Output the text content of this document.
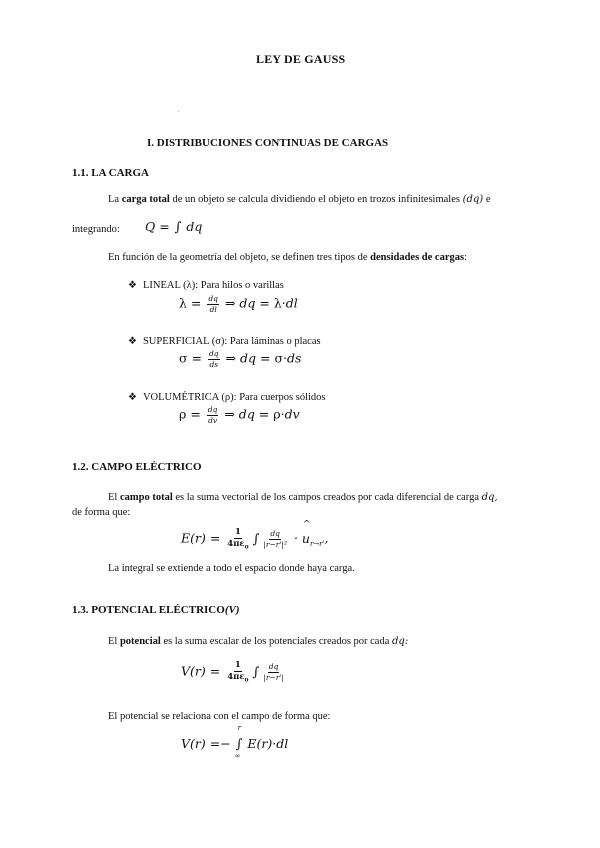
LEY DE GAUSS
I. DISTRIBUCIONES CONTINUAS DE CARGAS
1.1. LA CARGA
La carga total de un objeto se calcula dividiendo el objeto en trozos infinitesimales (dq) e
integrando: Q = ∫ dq
En función de la geometría del objeto, se definen tres tipos de densidades de cargas:
❖ LINEAL (λ): Para hilos o varillas
$\lambda = \frac{dq}{dl}$ ⇒ dq = λ·dl
❖ SUPERFICIAL (σ): Para láminas o placas
$\sigma = \frac{dq}{ds}$ ⇒ dq = σ·ds
❖ VOLUMÉTRICA (ρ): Para cuerpos sólidos
$\rho = \frac{dq}{dv}$ ⇒ dq = ρ·dv
1.2. CAMPO ELÉCTRICO
El campo total es la suma vectorial de los campos creados por cada diferencial de carga dq,
de forma que:
$E(r) = \frac{1}{4\pi\varepsilon_o}$ ∫ $\frac{dq}{\text{|r−r'|²}} \cdot u$
^
$_{r\to r'}$,
La integral se extiende a todo el espacio donde haya carga.
1.3. POTENCIAL ELÉCTRICO(V)
El potencial es la suma escalar de los potenciales creados por cada dq:
$V(r) = \frac{1}{4\pi\varepsilon_o}$ ∫ $\frac{dq}{|r-r'|}$
El potencial se relaciona con el campo de forma que:
V(r) =− ∫
r
∞
E(r)·dl
